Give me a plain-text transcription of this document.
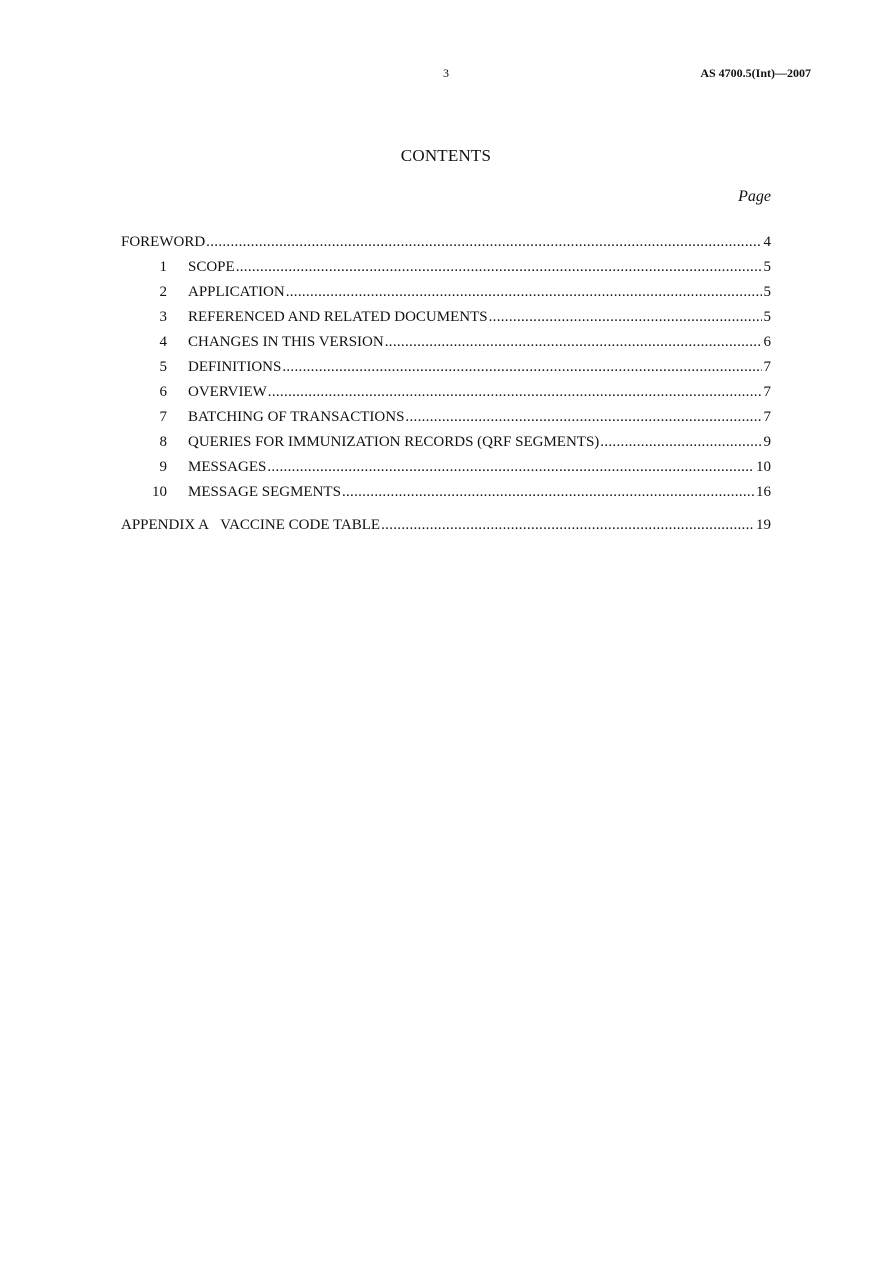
3	AS 4700.5(Int)—2007
CONTENTS
Page
FOREWORD .....	4
1	SCOPE .....	5
2	APPLICATION .....	5
3	REFERENCED AND RELATED DOCUMENTS .....	5
4	CHANGES IN THIS VERSION .....	6
5	DEFINITIONS .....	7
6	OVERVIEW .....	7
7	BATCHING OF TRANSACTIONS .....	7
8	QUERIES FOR IMMUNIZATION RECORDS (QRF SEGMENTS) .....	9
9	MESSAGES .....	10
10	MESSAGE SEGMENTS .....	16
APPENDIX A   VACCINE CODE TABLE .....	19
